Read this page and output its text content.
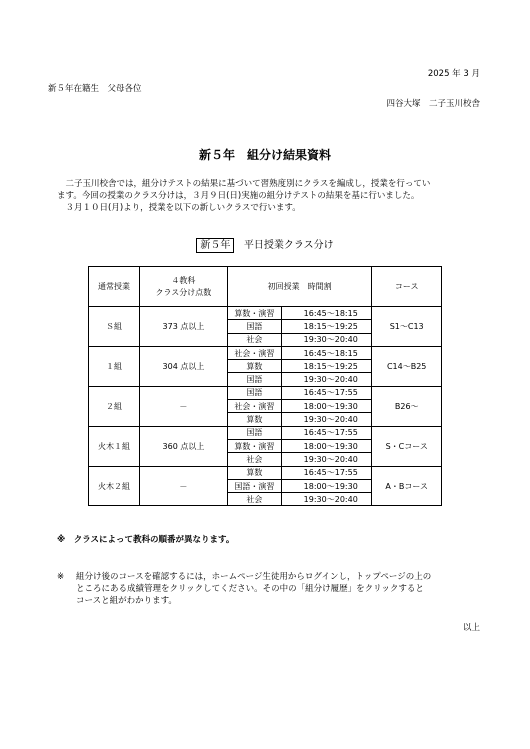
2025 年 3 月
新５年在籍生　父母各位
四谷大塚　二子玉川校舎
新５年　組分け結果資料

　二子玉川校舎では，組分けテストの結果に基づいて習熟度別にクラスを編成し，授業を行ってい

ます。今回の授業のクラス分けは，３月９日(日)実施の組分けテストの結果を基に行いました。

　３月１０日(月)より，授業を以下の新しいクラスで行います。

新５年 平日授業クラス分け
通常授業	４教科
クラス分け点数	初回授業　時間割		コース
Ｓ組	373 点以上	算数・演習	16:45～18:15	S1～C13
		国語	18:15～19:25	
		社会	19:30～20:40	
１組	304 点以上	社会・演習	16:45～18:15	C14～B25
		算数	18:15～19:25	
		国語	19:30～20:40	
２組	－	国語	16:45～17:55	B26～
		社会・演習	18:00～19:30	
		算数	19:30～20:40	
火木１組	360 点以上	国語	16:45～17:55	S・Cコース
		算数・演習	18:00～19:30	
		社会	19:30～20:40	
火木２組	－	算数	16:45～17:55	A・Bコース
		国語・演習	18:00～19:30	
		社会	19:30～20:40	
※　クラスによって教科の順番が異なります。
※ 組分け後のコースを確認するには，ホームページ生徒用からログインし，トップページの上の
ところにある成績管理をクリックしてください。その中の「組分け履歴」をクリックすると
コースと組がわかります。
以上
